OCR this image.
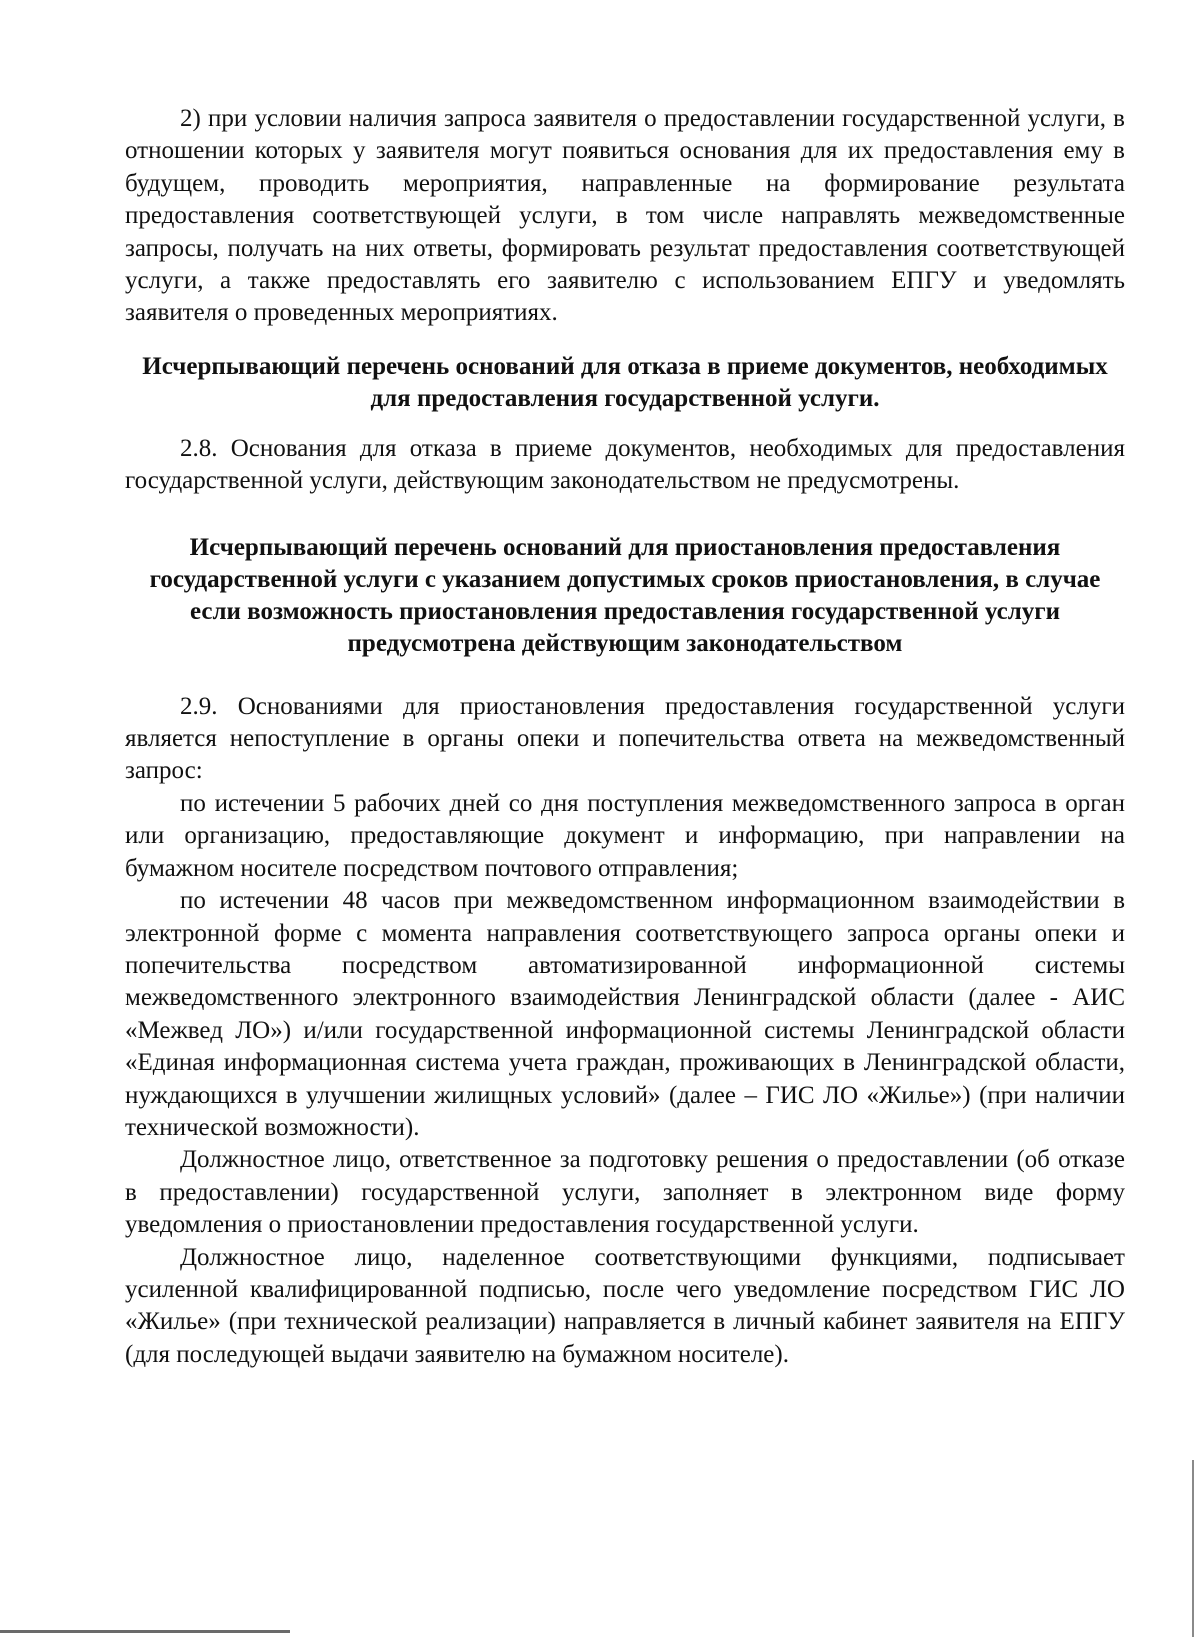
2) при условии наличия запроса заявителя о предоставлении государственной услуги, в отношении которых у заявителя могут появиться основания для их предоставления ему в будущем, проводить мероприятия, направленные на формирование результата предоставления соответствующей услуги, в том числе направлять межведомственные запросы, получать на них ответы, формировать результат предоставления соответствующей услуги, а также предоставлять его заявителю с использованием ЕПГУ и уведомлять заявителя о проведенных мероприятиях.

Исчерпывающий перечень оснований для отказа в приеме документов, необходимых для предоставления государственной услуги.

2.8. Основания для отказа в приеме документов, необходимых для предоставления государственной услуги, действующим законодательством не предусмотрены.

Исчерпывающий перечень оснований для приостановления предоставления государственной услуги с указанием допустимых сроков приостановления, в случае если возможность приостановления предоставления государственной услуги предусмотрена действующим законодательством

2.9. Основаниями для приостановления предоставления государственной услуги является непоступление в органы опеки и попечительства ответа на межведомственный запрос:

по истечении 5 рабочих дней со дня поступления межведомственного запроса в орган или организацию, предоставляющие документ и информацию, при направлении на бумажном носителе посредством почтового отправления;

по истечении 48 часов при межведомственном информационном взаимодействии в электронной форме с момента направления соответствующего запроса органы опеки и попечительства посредством автоматизированной информационной системы межведомственного электронного взаимодействия Ленинградской области (далее - АИС «Межвед ЛО») и/или государственной информационной системы Ленинградской области «Единая информационная система учета граждан, проживающих в Ленинградской области, нуждающихся в улучшении жилищных условий» (далее – ГИС ЛО «Жилье») (при наличии технической возможности).

Должностное лицо, ответственное за подготовку решения о предоставлении (об отказе в предоставлении) государственной услуги, заполняет в электронном виде форму уведомления о приостановлении предоставления государственной услуги.

Должностное лицо, наделенное соответствующими функциями, подписывает усиленной квалифицированной подписью, после чего уведомление посредством ГИС ЛО «Жилье» (при технической реализации) направляется в личный кабинет заявителя на ЕПГУ (для последующей выдачи заявителю на бумажном носителе).
